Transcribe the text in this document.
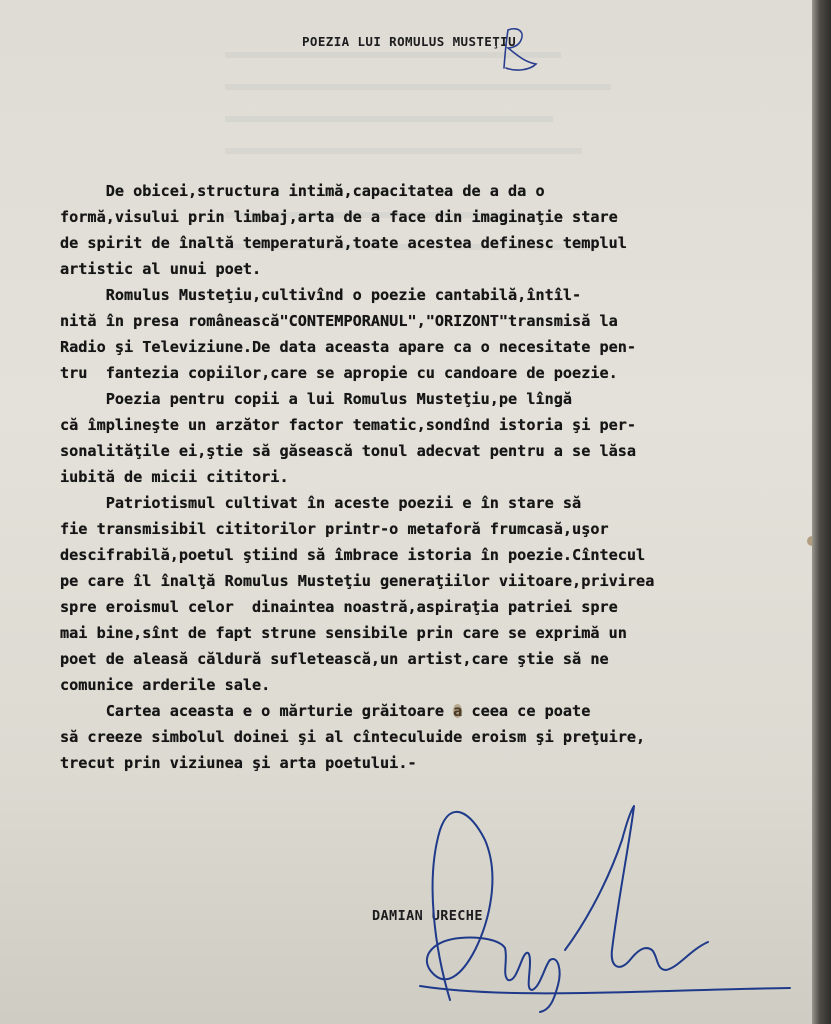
POEZIA LUI ROMULUS MUSTEŢIU
De obicei,structura intimă,capacitatea de a da o
formă,visului prin limbaj,arta de a face din imaginaţie stare
de spirit de înaltă temperatură,toate acestea definesc templul
artistic al unui poet.
Romulus Musteţiu,cultivînd o poezie cantabilă,întîl-
nită în presa românească"CONTEMPORANUL","ORIZONT"transmisă la
Radio şi Televiziune.De data aceasta apare ca o necesitate pen-
tru  fantezia copiilor,care se apropie cu candoare de poezie.
Poezia pentru copii a lui Romulus Musteţiu,pe lîngă
că împlineşte un arzător factor tematic,sondînd istoria şi per-
sonalităţile ei,ştie să găsească tonul adecvat pentru a se lăsa
iubită de micii cititori.
Patriotismul cultivat în aceste poezii e în stare să
fie transmisibil cititorilor printr-o metaforă frumcasă,uşor
descifrabilă,poetul ştiind să îmbrace istoria în poezie.Cîntecul
pe care îl înalţă Romulus Musteţiu generaţiilor viitoare,privirea
spre eroismul celor  dinaintea noastră,aspiraţia patriei spre
mai bine,sînt de fapt strune sensibile prin care se exprimă un
poet de aleasă căldură sufletească,un artist,care ştie să ne
comunice arderile sale.
Cartea aceasta e o mărturie grăitoare a ceea ce poate
să creeze simbolul doinei şi al cînteculuide eroism şi preţuire,
trecut prin viziunea şi arta poetului.-
DAMIAN URECHE
